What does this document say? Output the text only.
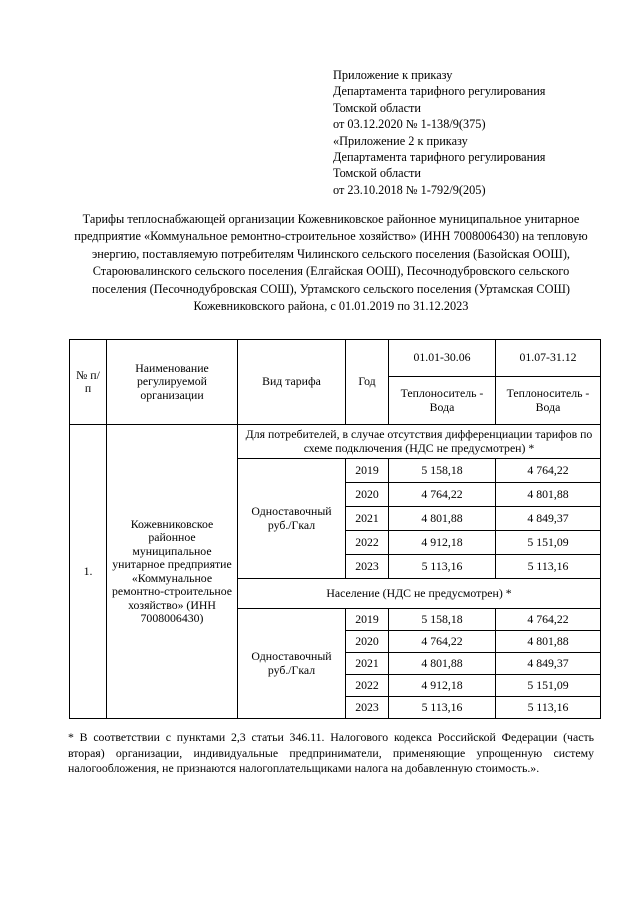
Приложение к приказу
Департамента тарифного регулирования
Томской области
от 03.12.2020 № 1-138/9(375)
«Приложение 2 к приказу
Департамента тарифного регулирования
Томской области
от 23.10.2018 № 1-792/9(205)
Тарифы теплоснабжающей организации Кожевниковское районное муниципальное унитарное предприятие «Коммунальное ремонтно-строительное хозяйство» (ИНН 7008006430) на тепловую энергию, поставляемую потребителям Чилинского сельского поселения (Базойская ООШ), Староювалинского сельского поселения (Елгайская ООШ), Песочнодубровского сельского поселения (Песочнодубровская СОШ), Уртамского сельского поселения (Уртамская СОШ) Кожевниковского района, с 01.01.2019 по 31.12.2023
№ п/п	Наименование регулируемой организации	Вид тарифа	Год	01.01-30.06	01.07-31.12
				Теплоноситель - Вода	Теплоноситель - Вода
1.	Кожевниковское районное муниципальное унитарное предприятие «Коммунальное ремонтно-строительное хозяйство» (ИНН 7008006430)	Для потребителей, в случае отсутствия дифференциации тарифов по схеме подключения (НДС не предусмотрен) *			
		Одноставочный руб./Гкал	2019	5 158,18	4 764,22
			2020	4 764,22	4 801,88
			2021	4 801,88	4 849,37
			2022	4 912,18	5 151,09
			2023	5 113,16	5 113,16
		Население (НДС не предусмотрен) *			
		Одноставочный руб./Гкал	2019	5 158,18	4 764,22
			2020	4 764,22	4 801,88
			2021	4 801,88	4 849,37
			2022	4 912,18	5 151,09
			2023	5 113,16	5 113,16
* В соответствии с пунктами 2,3 статьи 346.11. Налогового кодекса Российской Федерации (часть вторая) организации, индивидуальные предприниматели, применяющие упрощенную систему налогообложения, не признаются налогоплательщиками налога на добавленную стоимость.».
